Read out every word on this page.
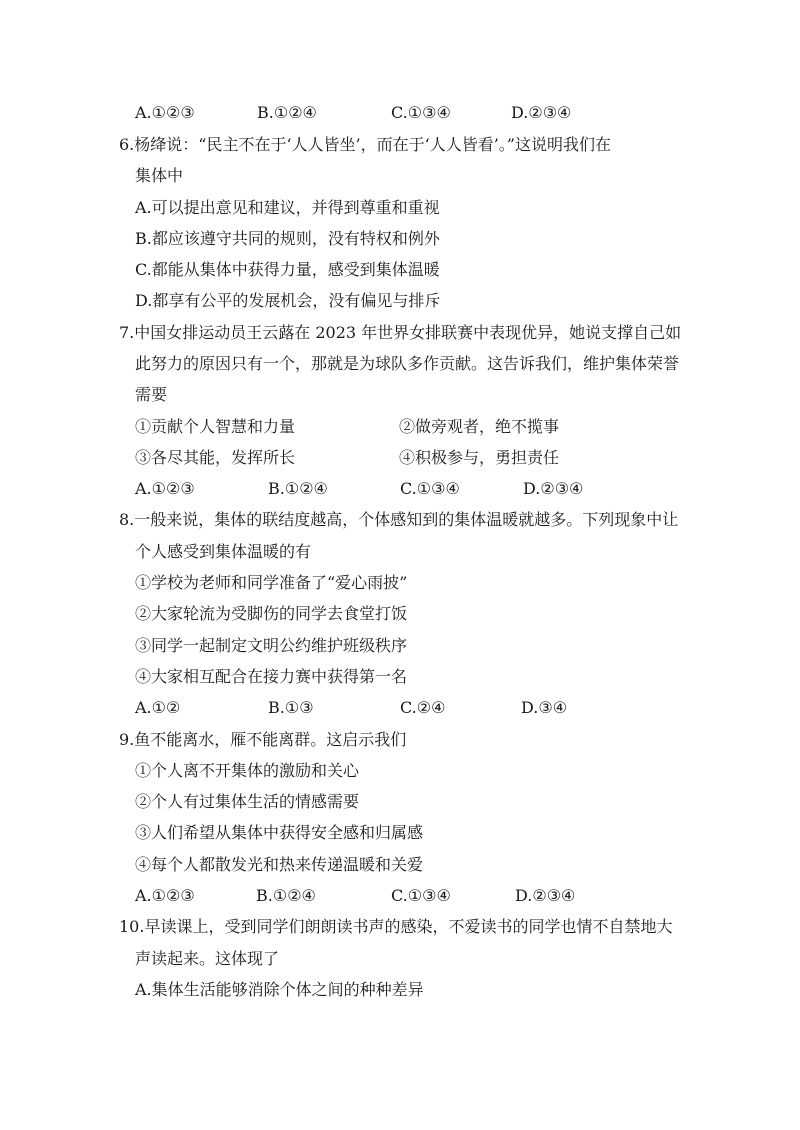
A.①②③	B.①②④	C.①③④	D.②③④
6.杨绛说：“民主不在于‘人人皆坐’，而在于‘人人皆看’。”这说明我们在
集体中
A.可以提出意见和建议，并得到尊重和重视
B.都应该遵守共同的规则，没有特权和例外
C.都能从集体中获得力量，感受到集体温暖
D.都享有公平的发展机会，没有偏见与排斥
7.中国女排运动员王云蕗在 2023 年世界女排联赛中表现优异，她说支撑自己如
此努力的原因只有一个，那就是为球队多作贡献。这告诉我们，维护集体荣誉
需要
①贡献个人智慧和力量	②做旁观者，绝不揽事
③各尽其能，发挥所长	④积极参与，勇担责任
A.①②③	B.①②④	C.①③④	D.②③④
8.一般来说，集体的联结度越高，个体感知到的集体温暖就越多。下列现象中让
个人感受到集体温暖的有
①学校为老师和同学准备了“爱心雨披”
②大家轮流为受脚伤的同学去食堂打饭
③同学一起制定文明公约维护班级秩序
④大家相互配合在接力赛中获得第一名
A.①②	B.①③	C.②④	D.③④
9.鱼不能离水，雁不能离群。这启示我们
①个人离不开集体的激励和关心
②个人有过集体生活的情感需要
③人们希望从集体中获得安全感和归属感
④每个人都散发光和热来传递温暖和关爱
A.①②③	B.①②④	C.①③④	D.②③④
10.早读课上，受到同学们朗朗读书声的感染，不爱读书的同学也情不自禁地大
声读起来。这体现了
A.集体生活能够消除个体之间的种种差异
